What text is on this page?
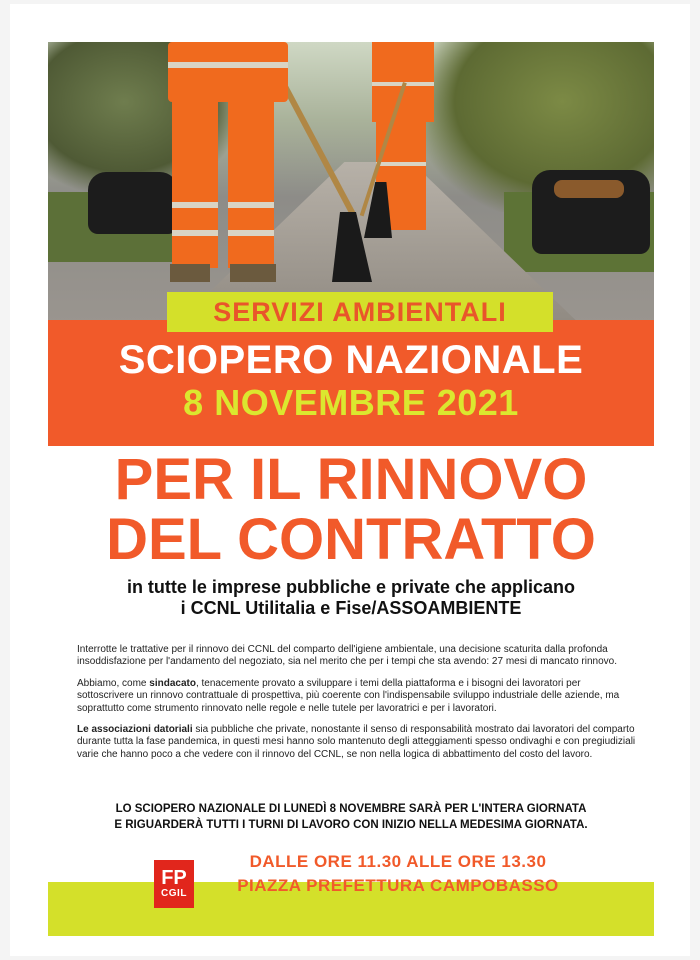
SERVIZI AMBIENTALI
SCIOPERO NAZIONALE
8 NOVEMBRE 2021
PER IL RINNOVO
DEL CONTRATTO
in tutte le imprese pubbliche e private che applicano
i CCNL Utilitalia e Fise/ASSOAMBIENTE

Interrotte le trattative per il rinnovo dei CCNL del comparto dell'igiene ambientale, una decisione scaturita dalla profonda insoddisfazione per l'andamento del negoziato, sia nel merito che per i tempi che sta avendo: 27 mesi di mancato rinnovo.

Abbiamo, come sindacato, tenacemente provato a sviluppare i temi della piattaforma e i bisogni dei lavoratori per sottoscrivere un rinnovo contrattuale di prospettiva, più coerente con l'indispensabile sviluppo industriale delle aziende, ma soprattutto come strumento rinnovato nelle regole e nelle tutele per lavoratrici e per i lavoratori.

Le associazioni datoriali sia pubbliche che private, nonostante il senso di responsabilità mostrato dai lavoratori del comparto durante tutta la fase pandemica, in questi mesi hanno solo mantenuto degli atteggiamenti spesso ondivaghi e con pregiudiziali varie che hanno poco a che vedere con il rinnovo del CCNL, se non nella logica di abbattimento del costo del lavoro.

LO SCIOPERO NAZIONALE DI LUNEDÌ 8 NOVEMBRE SARÀ PER L'INTERA GIORNATA
E RIGUARDERÀ TUTTI I TURNI DI LAVORO CON INIZIO NELLA MEDESIMA GIORNATA.
FP
CGIL
DALLE ORE 11.30 ALLE ORE 13.30
PIAZZA PREFETTURA CAMPOBASSO
